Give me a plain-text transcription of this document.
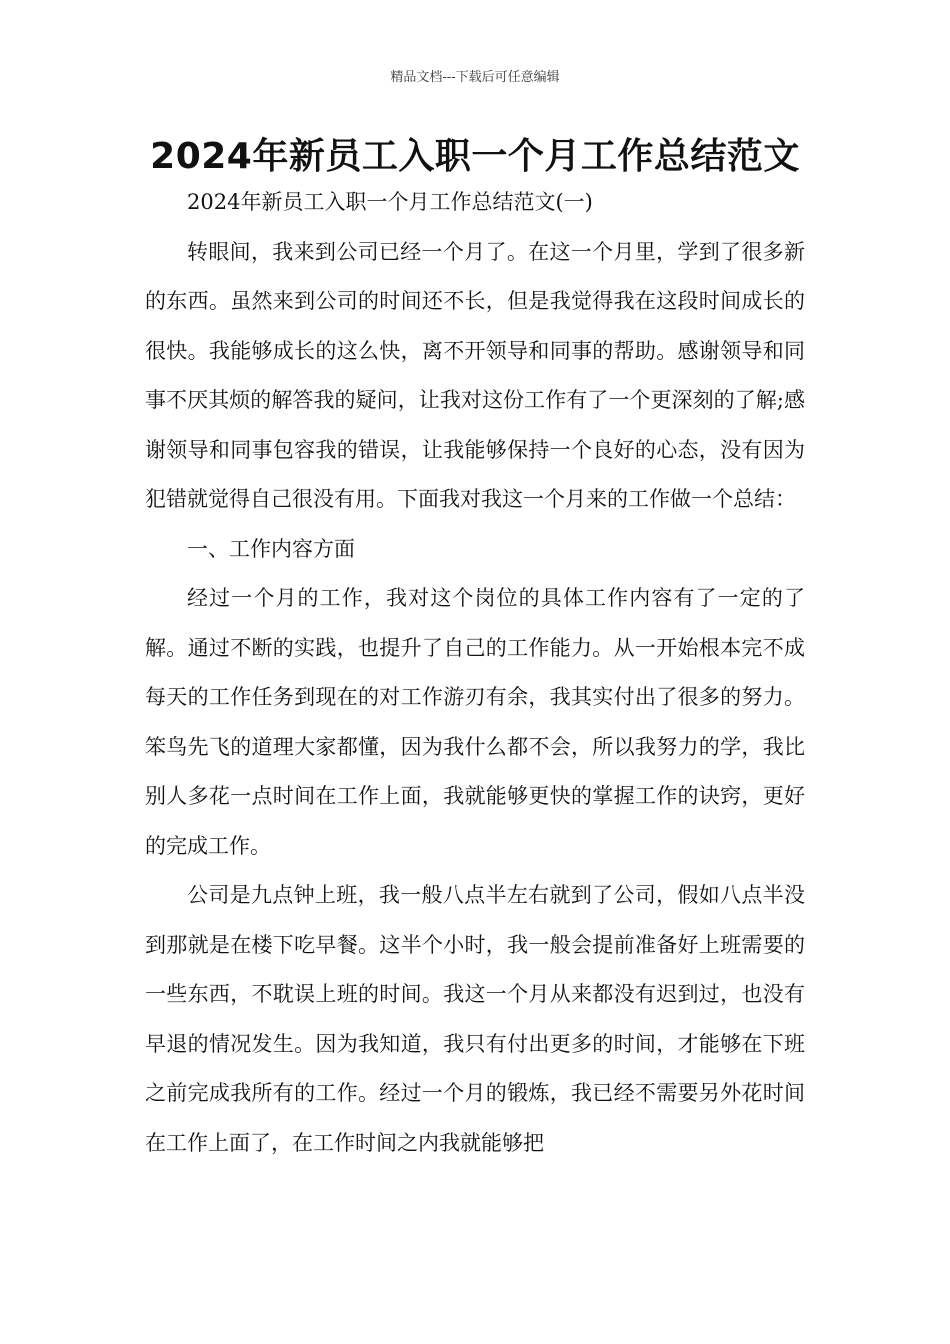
精品文档---下载后可任意编辑
2024年新员工入职一个月工作总结范文

2024年新员工入职一个月工作总结范文(一)

转眼间，我来到公司已经一个月了。在这一个月里，学到了很多新的东西。虽然来到公司的时间还不长，但是我觉得我在这段时间成长的很快。我能够成长的这么快，离不开领导和同事的帮助。感谢领导和同事不厌其烦的解答我的疑问，让我对这份工作有了一个更深刻的了解;感谢领导和同事包容我的错误，让我能够保持一个良好的心态，没有因为犯错就觉得自己很没有用。下面我对我这一个月来的工作做一个总结：

一、工作内容方面

经过一个月的工作，我对这个岗位的具体工作内容有了一定的了解。通过不断的实践，也提升了自己的工作能力。从一开始根本完不成每天的工作任务到现在的对工作游刃有余，我其实付出了很多的努力。笨鸟先飞的道理大家都懂，因为我什么都不会，所以我努力的学，我比别人多花一点时间在工作上面，我就能够更快的掌握工作的诀窍，更好的完成工作。

公司是九点钟上班，我一般八点半左右就到了公司，假如八点半没到那就是在楼下吃早餐。这半个小时，我一般会提前准备好上班需要的一些东西，不耽误上班的时间。我这一个月从来都没有迟到过，也没有早退的情况发生。因为我知道，我只有付出更多的时间，才能够在下班之前完成我所有的工作。经过一个月的锻炼，我已经不需要另外花时间在工作上面了，在工作时间之内我就能够把
